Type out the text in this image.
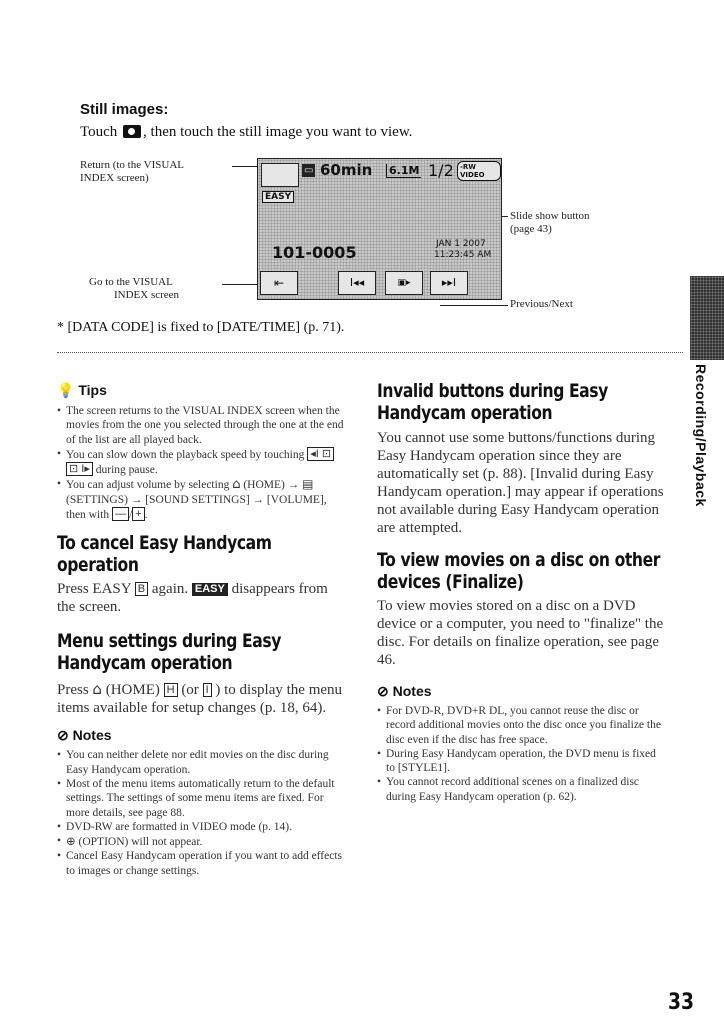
Still images:
Touch , then touch the still image you want to view.
Return (to the VISUAL
INDEX screen)
Go to the VISUAL
INDEX screen
Slide show button
(page 43)
Previous/Next
▭ 60min 6.1M 1/2 -RW VIDEO
EASY
101-0005	JAN 1 2007
11:23:45 AM
⇤	I◂◂	▣▸	▸▸I
* [DATA CODE] is fixed to [DATE/TIME] (p. 71).
💡 Tips
• The screen returns to the VISUAL INDEX screen when the movies from the one you selected through the one at the end of the list are all played back.
• You can slow down the playback speed by touching ◂I ⊡ ⊡ I▸ during pause.
• You can adjust volume by selecting ⌂ (HOME) → ▤ (SETTINGS) → [SOUND SETTINGS] → [VOLUME], then with — / + .
To cancel Easy Handycam operation
Press EASY B again. EASY disappears from the screen.
Menu settings during Easy Handycam operation
Press ⌂ (HOME) H (or I ) to display the menu items available for setup changes (p. 18, 64).
⊘ Notes
• You can neither delete nor edit movies on the disc during Easy Handycam operation.
• Most of the menu items automatically return to the default settings. The settings of some menu items are fixed. For more details, see page 88.
• DVD-RW are formatted in VIDEO mode (p. 14).
• ⊕ (OPTION) will not appear.
• Cancel Easy Handycam operation if you want to add effects to images or change settings.
Invalid buttons during Easy Handycam operation
You cannot use some buttons/functions during Easy Handycam operation since they are automatically set (p. 88). [Invalid during Easy Handycam operation.] may appear if operations not available during Easy Handycam operation are attempted.
To view movies on a disc on other devices (Finalize)
To view movies stored on a disc on a DVD device or a computer, you need to "finalize" the disc. For details on finalize operation, see page 46.
⊘ Notes
• For DVD-R, DVD+R DL, you cannot reuse the disc or record additional movies onto the disc once you finalize the disc even if the disc has free space.
• During Easy Handycam operation, the DVD menu is fixed to [STYLE1].
• You cannot record additional scenes on a finalized disc during Easy Handycam operation (p. 62).
Recording/Playback
33
